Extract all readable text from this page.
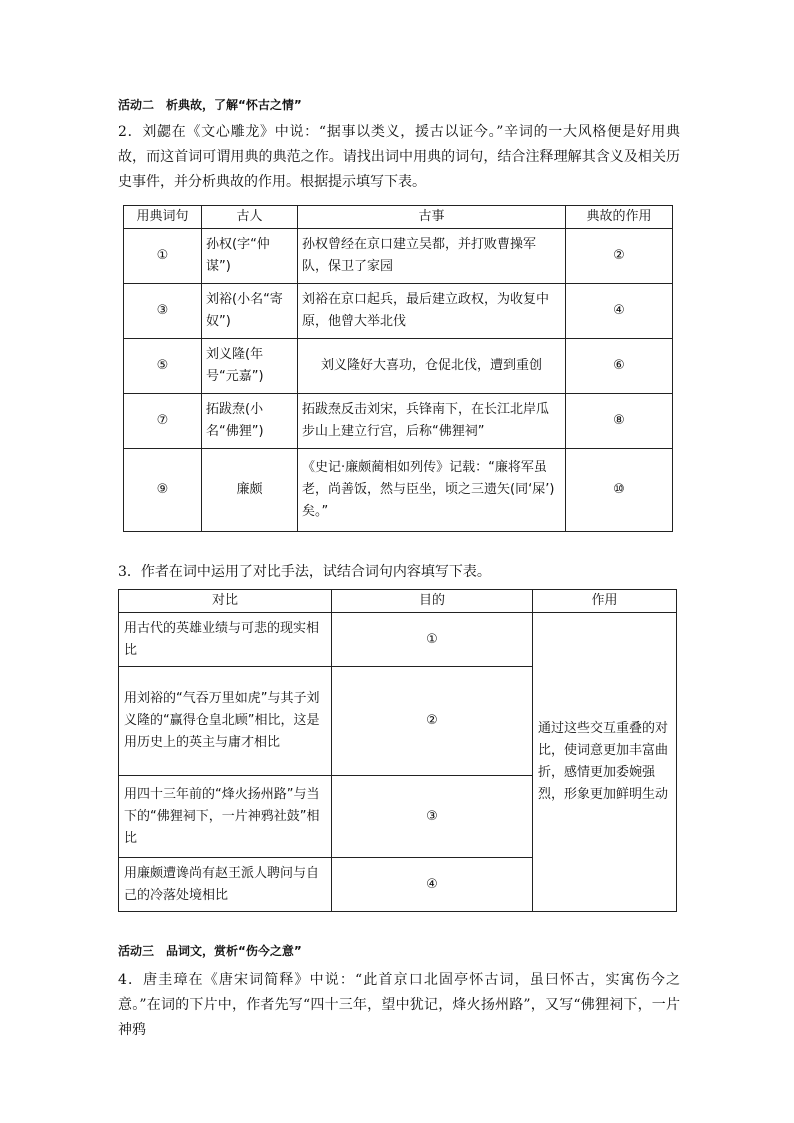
活动二　析典故，了解“怀古之情”
2．刘勰在《文心雕龙》中说：“据事以类义，援古以证今。”辛词的一大风格便是好用典故，而这首词可谓用典的典范之作。请找出词中用典的词句，结合注释理解其含义及相关历史事件，并分析典故的作用。根据提示填写下表。
用典词句	古人	古事	典故的作用
①	孙权(字“仲谋”)	孙权曾经在京口建立吴都，并打败曹操军队，保卫了家园	②
③	刘裕(小名“寄奴”)	刘裕在京口起兵，最后建立政权，为收复中原，他曾大举北伐	④
⑤	刘义隆(年号“元嘉”)	刘义隆好大喜功，仓促北伐，遭到重创	⑥
⑦	拓跋焘(小名“佛狸”)	拓跋焘反击刘宋，兵锋南下，在长江北岸瓜步山上建立行宫，后称“佛狸祠”	⑧
⑨	廉颇	《史记·廉颇蔺相如列传》记载：“廉将军虽老，尚善饭，然与臣坐，顷之三遗矢(同‘屎’)矣。”	⑩
3．作者在词中运用了对比手法，试结合词句内容填写下表。
对比	目的	作用
用古代的英雄业绩与可悲的现实相比	①	通过这些交互重叠的对比，使词意更加丰富曲折，感情更加委婉强烈，形象更加鲜明生动
用刘裕的“气吞万里如虎”与其子刘义隆的“赢得仓皇北顾”相比，这是用历史上的英主与庸才相比	②	
用四十三年前的“烽火扬州路”与当下的“佛狸祠下，一片神鸦社鼓”相比	③	
用廉颇遭谗尚有赵王派人聘问与自己的冷落处境相比	④	
活动三　品词文，赏析“伤今之意”
4．唐圭璋在《唐宋词简释》中说：“此首京口北固亭怀古词，虽曰怀古，实寓伤今之意。”在词的下片中，作者先写“四十三年，望中犹记，烽火扬州路”，又写“佛狸祠下，一片神鸦
